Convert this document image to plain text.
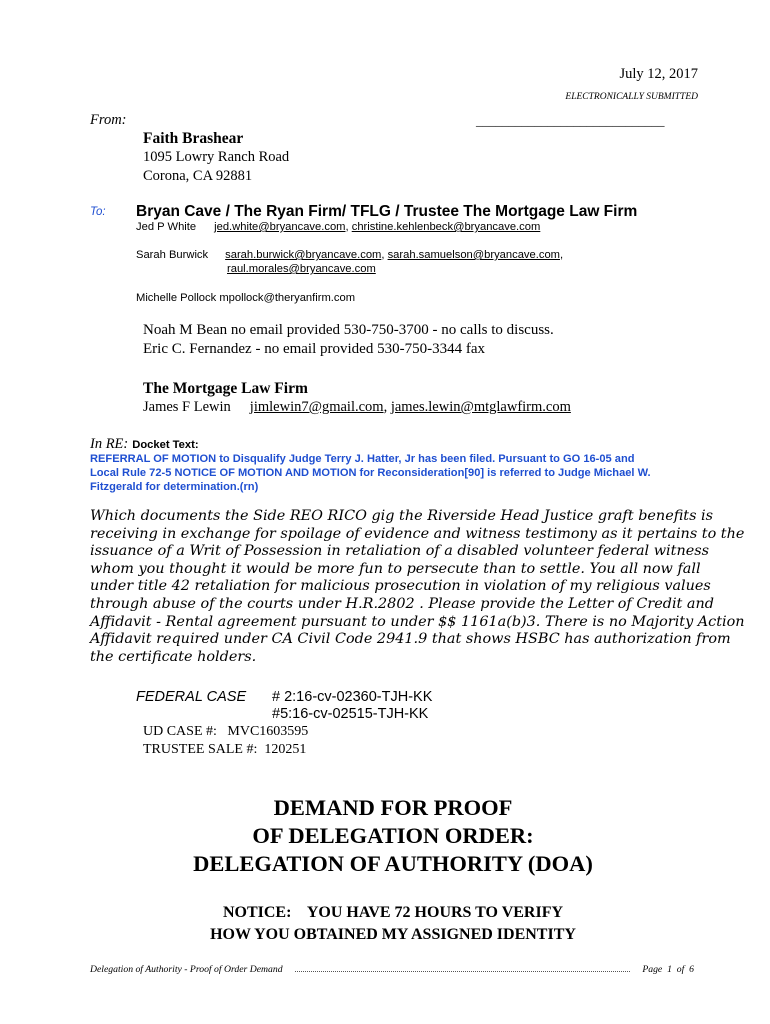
July 12, 2017
ELECTRONICALLY SUBMITTED
From:	_____________________________
Faith Brashear
1095 Lowry Ranch Road
Corona, CA 92881
To: Bryan Cave / The Ryan Firm/ TFLG / Trustee The Mortgage Law Firm
Jed P White jed.white@bryancave.com, christine.kehlenbeck@bryancave.com
Sarah Burwick sarah.burwick@bryancave.com, sarah.samuelson@bryancave.com,
raul.morales@bryancave.com
Michelle Pollock mpollock@theryanfirm.com
Noah M Bean no email provided 530-750-3700 - no calls to discuss.
Eric C. Fernandez - no email provided 530-750-3344 fax
The Mortgage Law Firm
James F Lewin jimlewin7@gmail.com, james.lewin@mtglawfirm.com
In RE: Docket Text:
REFERRAL OF MOTION to Disqualify Judge Terry J. Hatter, Jr has been filed. Pursuant to GO 16-05 and
Local Rule 72-5 NOTICE OF MOTION AND MOTION for Reconsideration[90] is referred to Judge Michael W.
Fitzgerald for determination.(rn)
Which documents the Side REO RICO gig the Riverside Head Justice graft benefits is
receiving in exchange for spoilage of evidence and witness testimony as it pertains to the
issuance of a Writ of Possession in retaliation of a disabled volunteer federal witness
whom you thought it would be more fun to persecute than to settle. You all now fall
under title 42 retaliation for malicious prosecution in violation of my religious values
through abuse of the courts under H.R.2802 . Please provide the Letter of Credit and
Affidavit - Rental agreement pursuant to under $$ 1161a(b)3. There is no Majority Action
Affidavit required under CA Civil Code 2941.9 that shows HSBC has authorization from
the certificate holders.
FEDERAL CASE # 2:16-cv-02360-TJH-KK
#5:16-cv-02515-TJH-KK
UD CASE #: MVC1603595
TRUSTEE SALE #: 120251
DEMAND FOR PROOF
OF DELEGATION ORDER:
DELEGATION OF AUTHORITY (DOA)
NOTICE:    YOU HAVE 72 HOURS TO VERIFY
HOW YOU OBTAINED MY ASSIGNED IDENTITY
Delegation of Authority - Proof of Order Demand	Page
1
of
6
